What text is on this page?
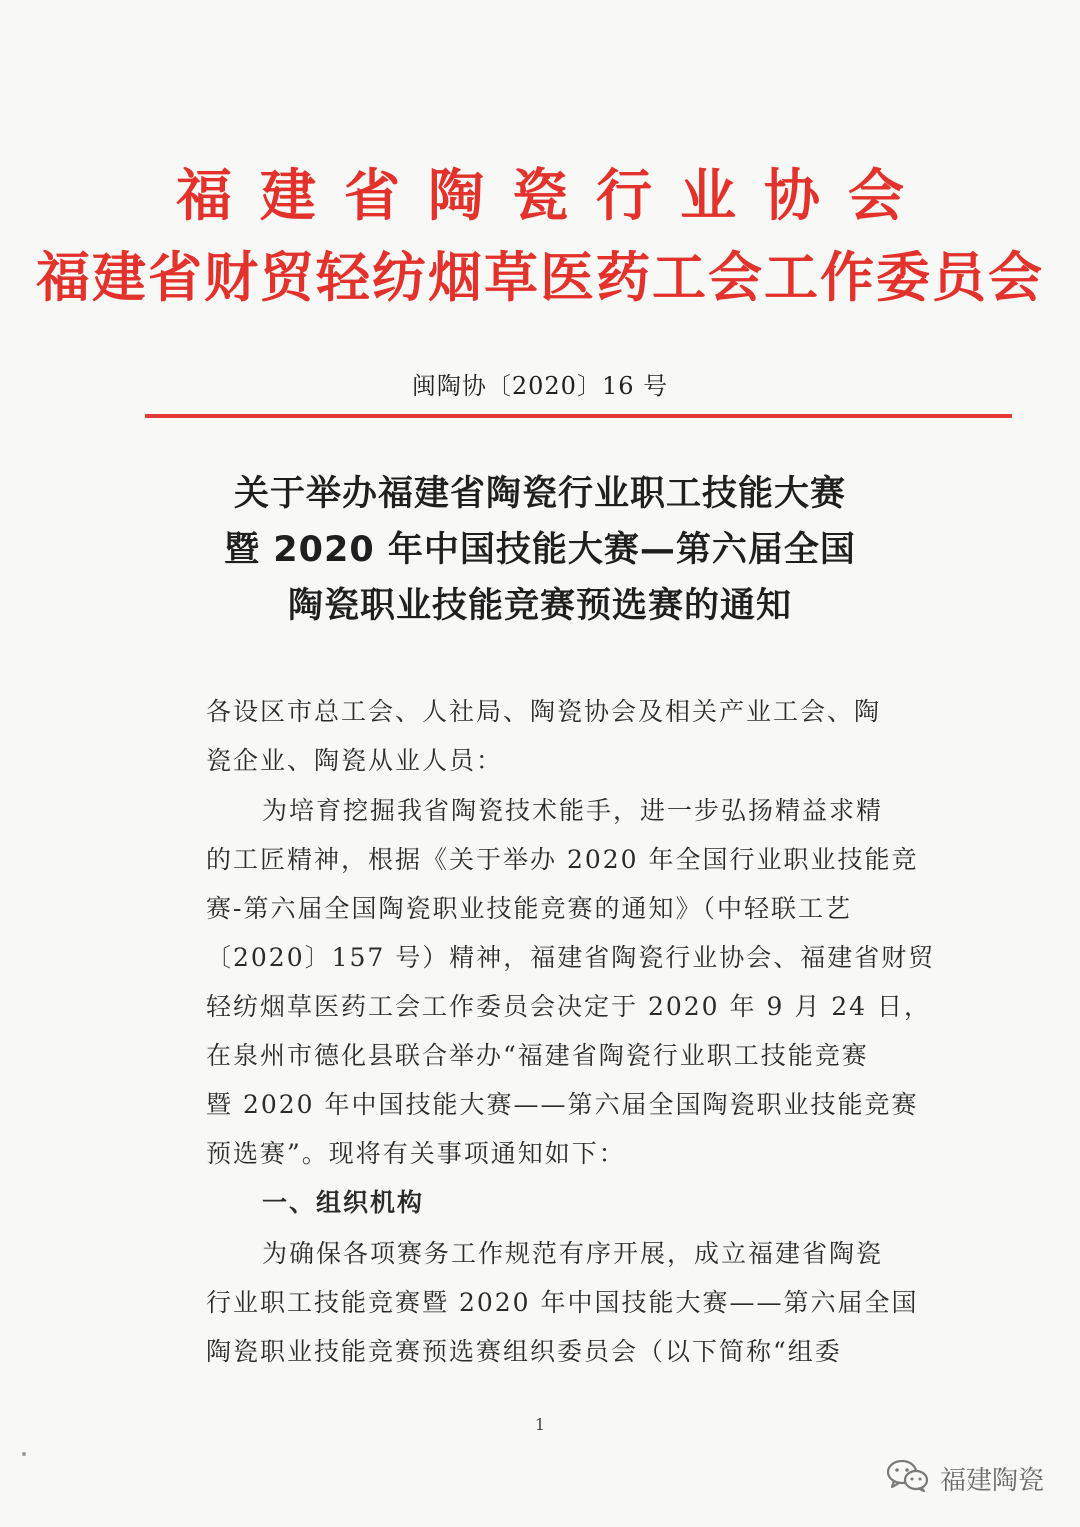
福建省陶瓷行业协会
福建省财贸轻纺烟草医药工会工作委员会
闽陶协〔2020〕16 号
关于举办福建省陶瓷行业职工技能大赛
暨 2020 年中国技能大赛—第六届全国
陶瓷职业技能竞赛预选赛的通知
各设区市总工会、人社局、陶瓷协会及相关产业工会、陶
瓷企业、陶瓷从业人员：
为培育挖掘我省陶瓷技术能手，进一步弘扬精益求精
的工匠精神，根据《关于举办 2020 年全国行业职业技能竞
赛-第六届全国陶瓷职业技能竞赛的通知》（中轻联工艺
〔2020〕157 号）精神，福建省陶瓷行业协会、福建省财贸
轻纺烟草医药工会工作委员会决定于 2020 年 9 月 24 日，
在泉州市德化县联合举办“福建省陶瓷行业职工技能竞赛
暨 2020 年中国技能大赛——第六届全国陶瓷职业技能竞赛
预选赛”。现将有关事项通知如下：
一、组织机构
为确保各项赛务工作规范有序开展，成立福建省陶瓷
行业职工技能竞赛暨 2020 年中国技能大赛——第六届全国
陶瓷职业技能竞赛预选赛组织委员会（以下简称“组委
1
福建陶瓷
